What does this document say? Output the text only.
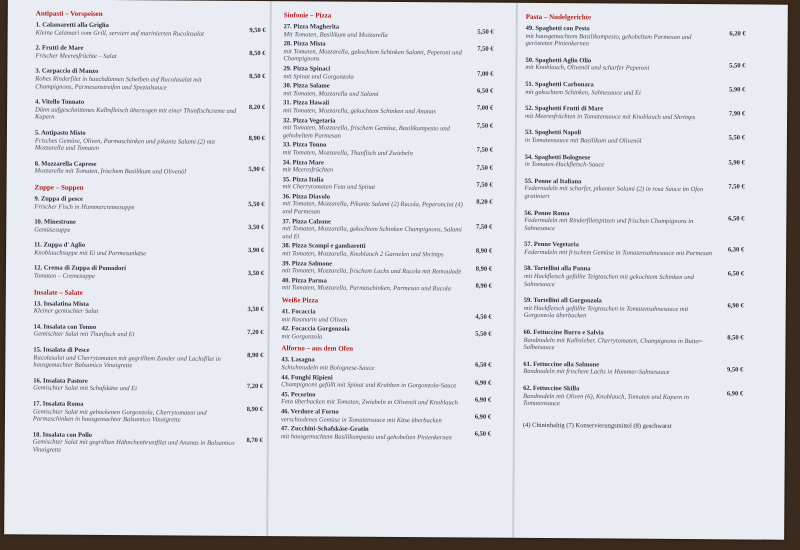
Antipasti – Vorspeisen
1. Calamaretti alla Griglia
Kleine Calamari vom Grill, serviert auf marinierten Rucolasalat	9,50 €
2. Frutti de Mare
Frischer Meeresfrüchte – Salat	8,50 €
3. Carpaccio di Manzo
Rohes Rinderfilet in hauchdünnen Scheiben auf Rucolasalat mit Champignons, Parmesanstreifen und Spezialsauce
8,50 €
4. Vitello Tonnato
Dünn aufgeschnittenes Kalbsfleisch überzogen mit einer Thunfischcreme und Kapern
8,20 €
5. Antipasto Misto
Frisches Gemüse, Oliven, Parmaschinken und pikante Salami (2) mit Mozzarella und Tomaten
8,90 €
8. Mozzarella Caprese
Mozzarella mit Tomaten, frischem Basilikum und Olivenöl	5,90 €
Zuppe – Suppen
9. Zuppa di pesce
Frischer Fisch in Hummercremesuppe	5,50 €
10. Minestrone
Gemüsesuppe	3,50 €
11. Zuppa d' Aglio
Knoblauchsuppe mit Ei und Parmesankäse	3,90 €
12. Crema di Zuppa di Pomodori
Tomaten – Cremesuppe	3,50 €
Insalate – Salate
13. Insalatina Mista
Kleiner gemischter Salat	3,50 €
14. Insalata con Tonno
Gemischter Salat mit Thunfisch und Ei	7,20 €
15. Insalata di Pesce
Rucolasalat und Cherrytomaten mit gegrilltem Zander und Lachsfilet in hausgemachter Balsamico Vinaigrette
8,90 €
16. Insalata Pastore
Gemischter Salat mit Schafskäse und Ei	7,20 €
17. Insalata Roma
Gemischter Salat mit gebackenen Gorgonzola, Cherrytomaten und Parmaschinken in hausgemachter Balsamico Vinaigrette
8,90 €
18. Insalata con Pollo
Gemischter Salat mit gegrillten Hähnchenbrustfilet und Ananas in Balsamico Vinaigrette
8,70 €
Sinfonie – Pizza
27. Pizza Magherita
Mit Tomaten, Basilikum und Mozzarella	5,50 €
28. Pizza Mista
mit Tomaten, Mozzarella, gekochtem Schinken Salami, Peperoni und Champignons
7,50 €
29. Pizza Spinaci
mit Spinat und Gorgonzola	7,00 €
30. Pizza Salame
mit Tomaten, Mozzarella und Salami	6,50 €
31. Pizza Hawaii
mit Tomaten, Mozzarella, gekochtem Schinken und Ananas	7,00 €
32. Pizza Vegetaria
mit Tomaten, Mozzarella, frischem Gemüse, Basilikumpesto und gehobeltem Parmesan
7,50 €
33. Pizza Tonno
mit Tomaten, Mozzarella, Thunfisch und Zwiebeln	7,50 €
34. Pizza Mare
mit Meeresfrüchten	7,50 €
35. Pizza Italia
mit Cherrytomaten Feta und Spinat	7,50 €
36. Pizza Diavolo
mit Tomaten, Mozzarella, Pikante Salami (2) Rucola, Peperoncini (4) und Parmesan
8,20 €
37. Pizza Calzone
mit Tomaten, Mozzarella, gekochtem Schinken Champignons, Salami und Ei
7,50 €
38. Pizza Scampi e gambaretti
mit Tomaten, Mozzarella, Knoblauch 2 Garnelen und Shrimps	8,90 €
39. Pizza Salmone
mit Tomaten, Mozzarella, frischem Lachs und Rucola mit Remoulade	8,90 €
40. Pizza Parma
mit Tomaten, Mozzarella, Parmaschinken, Parmesan und Rucola	8,90 €
Weiße Pizza
41. Focaccia
mit Rosmarin und Oliven	4,50 €
42. Focaccia Gorgonzola
mit Gorgonzola	5,50 €
Alforno – aus dem Ofen
43. Lasagna
Schichtnudeln mit Bolognese-Sauce	6,50 €
44. Funghi Ripieni
Champignons gefüllt mit Spinat und Krabben in Gorgonzola-Sauce	6,90 €
45. Pecorino
Feta überbacken mit Tomaten, Zwiebeln in Olivenöl und Knoblauch	6,90 €
46. Verdure al Forno
verschiedenes Gemüse in Tomatensauce mit Käse überbacken	6,90 €
47. Zucchini-Schafskäse-Gratin
mit hausgemachtem Basilikumpesto und gehobelten Pinienkernen	6,50 €
Pasta – Nudelgerichte
49. Spaghetti con Pesto
mit hausgemachtem Basilikumpesto, gehobeltem Parmesan und gerösteten Pinienkernen
6,20 €
50. Spaghetti Aglio Olio
mit Knoblauch, Olivenöl und scharfer Peperoni	5,50 €
51. Spaghetti Carbonara
mit gekochtem Schinken, Sahnesauce und Ei	5,90 €
52. Spaghetti Frutti di Mare
mit Meeresfrüchten in Tomatensauce mit Knoblauch und Shrimps	7,90 €
53. Spaghetti Napoli
in Tomatensauce mit Basilikum und Olivenöl	5,50 €
54. Spaghetti Bolognese
in Tomaten-Hackfleisch-Sauce	5,90 €
55. Penne al Italiana
Federnudeln mit scharfer, pikanter Salami (2) in rosa Sauce im Ofen gratiniert
7,50 €
56. Penne Roma
Federnudeln mit Rinderfiletspitzen und frischen Champignons in Sahnesauce
6,50 €
57. Penne Vegetaria
Federnudeln mit frischem Gemüse in Tomatensahnesauce mit Parmesan	6,30 €
58. Tortellini alla Panna
mit Hackfleisch gefüllte Teigtaschen mit gekochtem Schinken und Sahnesauce
6,50 €
59. Tortellini all Gorgonzola
mit Hackfleisch gefüllte Teigtaschen in Tomatensahnesauce mit Gorgonzola überbacken
6,90 €
60. Fettuccine Burro e Salvia
Bandnudeln mit Kalbsleber, Cherrytomaten, Champignons in Butter- Salbeisauce
8,50 €
61. Fettuccine alla Salmone
Bandnudeln mit frischem Lachs in Hummer-Sahnesauce	9,50 €
62. Fettuccine Skilla
Bandnudeln mit Oliven (6), Knoblauch, Tomaten und Kapern in Tomatensauce
6,90 €
(4) Chininhaltig (7) Konservierungsmittel (8) geschwärzt
